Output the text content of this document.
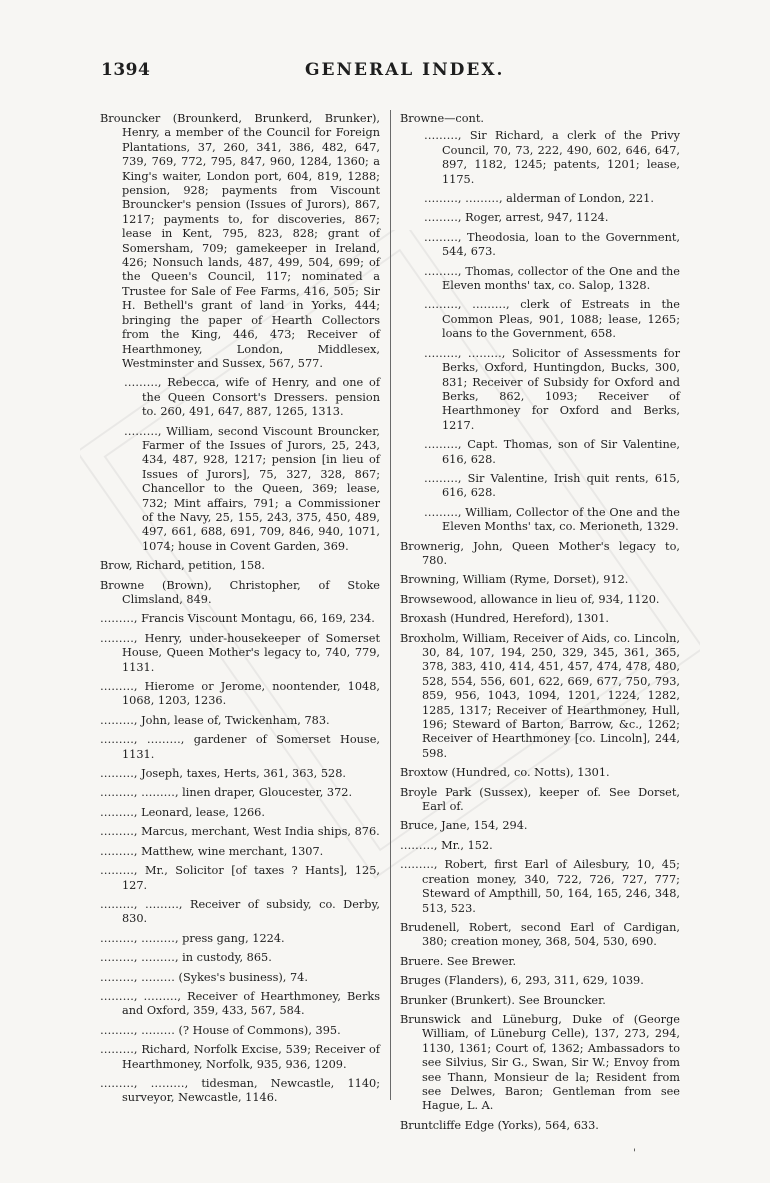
1394	GENERAL INDEX.
Brouncker (Brounkerd, Brunkerd, Brunker), Henry, a member of the Council for Foreign Plantations, 37, 260, 341, 386, 482, 647, 739, 769, 772, 795, 847, 960, 1284, 1360; a King's waiter, London port, 604, 819, 1288; pension, 928; payments from Viscount Brouncker's pension (Issues of Jurors), 867, 1217; payments to, for discoveries, 867; lease in Kent, 795, 823, 828; grant of Somersham, 709; gamekeeper in Ireland, 426; Nonsuch lands, 487, 499, 504, 699; of the Queen's Council, 117; nominated a Trustee for Sale of Fee Farms, 416, 505; Sir H. Bethell's grant of land in Yorks, 444; bringing the paper of Hearth Collectors from the King, 446, 473; Receiver of Hearthmoney, London, Middlesex, Westminster and Sussex, 567, 577.
………, Rebecca, wife of Henry, and one of the Queen Consort's Dressers. pension to. 260, 491, 647, 887, 1265, 1313.
………, William, second Viscount Brouncker, Farmer of the Issues of Jurors, 25, 243, 434, 487, 928, 1217; pension [in lieu of Issues of Jurors], 75, 327, 328, 867; Chancellor to the Queen, 369; lease, 732; Mint affairs, 791; a Commissioner of the Navy, 25, 155, 243, 375, 450, 489, 497, 661, 688, 691, 709, 846, 940, 1071, 1074; house in Covent Garden, 369.
Brow, Richard, petition, 158.
Browne (Brown), Christopher, of Stoke Climsland, 849.
………, Francis Viscount Montagu, 66, 169, 234.
………, Henry, under-housekeeper of Somerset House, Queen Mother's legacy to, 740, 779, 1131.
………, Hierome or Jerome, noontender, 1048, 1068, 1203, 1236.
………, John, lease of, Twickenham, 783.
………, ………, gardener of Somerset House, 1131.
………, Joseph, taxes, Herts, 361, 363, 528.
………, ………, linen draper, Gloucester, 372.
………, Leonard, lease, 1266.
………, Marcus, merchant, West India ships, 876.
………, Matthew, wine merchant, 1307.
………, Mr., Solicitor [of taxes ? Hants], 125, 127.
………, ………, Receiver of subsidy, co. Derby, 830.
………, ………, press gang, 1224.
………, ………, in custody, 865.
………, ……… (Sykes's business), 74.
………, ………, Receiver of Hearthmoney, Berks and Oxford, 359, 433, 567, 584.
………, ……… (? House of Commons), 395.
………, Richard, Norfolk Excise, 539; Receiver of Hearthmoney, Norfolk, 935, 936, 1209.
………, ………, tidesman, Newcastle, 1140; surveyor, Newcastle, 1146.
Browne—cont.
………, Sir Richard, a clerk of the Privy Council, 70, 73, 222, 490, 602, 646, 647, 897, 1182, 1245; patents, 1201; lease, 1175.
………, ………, alderman of London, 221.
………, Roger, arrest, 947, 1124.
………, Theodosia, loan to the Government, 544, 673.
………, Thomas, collector of the One and the Eleven months' tax, co. Salop, 1328.
………, ………, clerk of Estreats in the Common Pleas, 901, 1088; lease, 1265; loans to the Government, 658.
………, ………, Solicitor of Assessments for Berks, Oxford, Huntingdon, Bucks, 300, 831; Receiver of Subsidy for Oxford and Berks, 862, 1093; Receiver of Hearthmoney for Oxford and Berks, 1217.
………, Capt. Thomas, son of Sir Valentine, 616, 628.
………, Sir Valentine, Irish quit rents, 615, 616, 628.
………, William, Collector of the One and the Eleven Months' tax, co. Merioneth, 1329.
Brownerig, John, Queen Mother's legacy to, 780.
Browning, William (Ryme, Dorset), 912.
Browsewood, allowance in lieu of, 934, 1120.
Broxash (Hundred, Hereford), 1301.
Broxholm, William, Receiver of Aids, co. Lincoln, 30, 84, 107, 194, 250, 329, 345, 361, 365, 378, 383, 410, 414, 451, 457, 474, 478, 480, 528, 554, 556, 601, 622, 669, 677, 750, 793, 859, 956, 1043, 1094, 1201, 1224, 1282, 1285, 1317; Receiver of Hearthmoney, Hull, 196; Steward of Barton, Barrow, &c., 1262; Receiver of Hearthmoney [co. Lincoln], 244, 598.
Broxtow (Hundred, co. Notts), 1301.
Broyle Park (Sussex), keeper of. See Dorset, Earl of.
Bruce, Jane, 154, 294.
………, Mr., 152.
………, Robert, first Earl of Ailesbury, 10, 45; creation money, 340, 722, 726, 727, 777; Steward of Ampthill, 50, 164, 165, 246, 348, 513, 523.
Brudenell, Robert, second Earl of Cardigan, 380; creation money, 368, 504, 530, 690.
Bruere. See Brewer.
Bruges (Flanders), 6, 293, 311, 629, 1039.
Brunker (Brunkert). See Brouncker.
Brunswick and Lüneburg, Duke of (George William, of Lüneburg Celle), 137, 273, 294, 1130, 1361; Court of, 1362; Ambassadors to see Silvius, Sir G., Swan, Sir W.; Envoy from see Thann, Monsieur de la; Resident from see Delwes, Baron; Gentleman from see Hague, L. A.
Bruntcliffe Edge (Yorks), 564, 633.
'
